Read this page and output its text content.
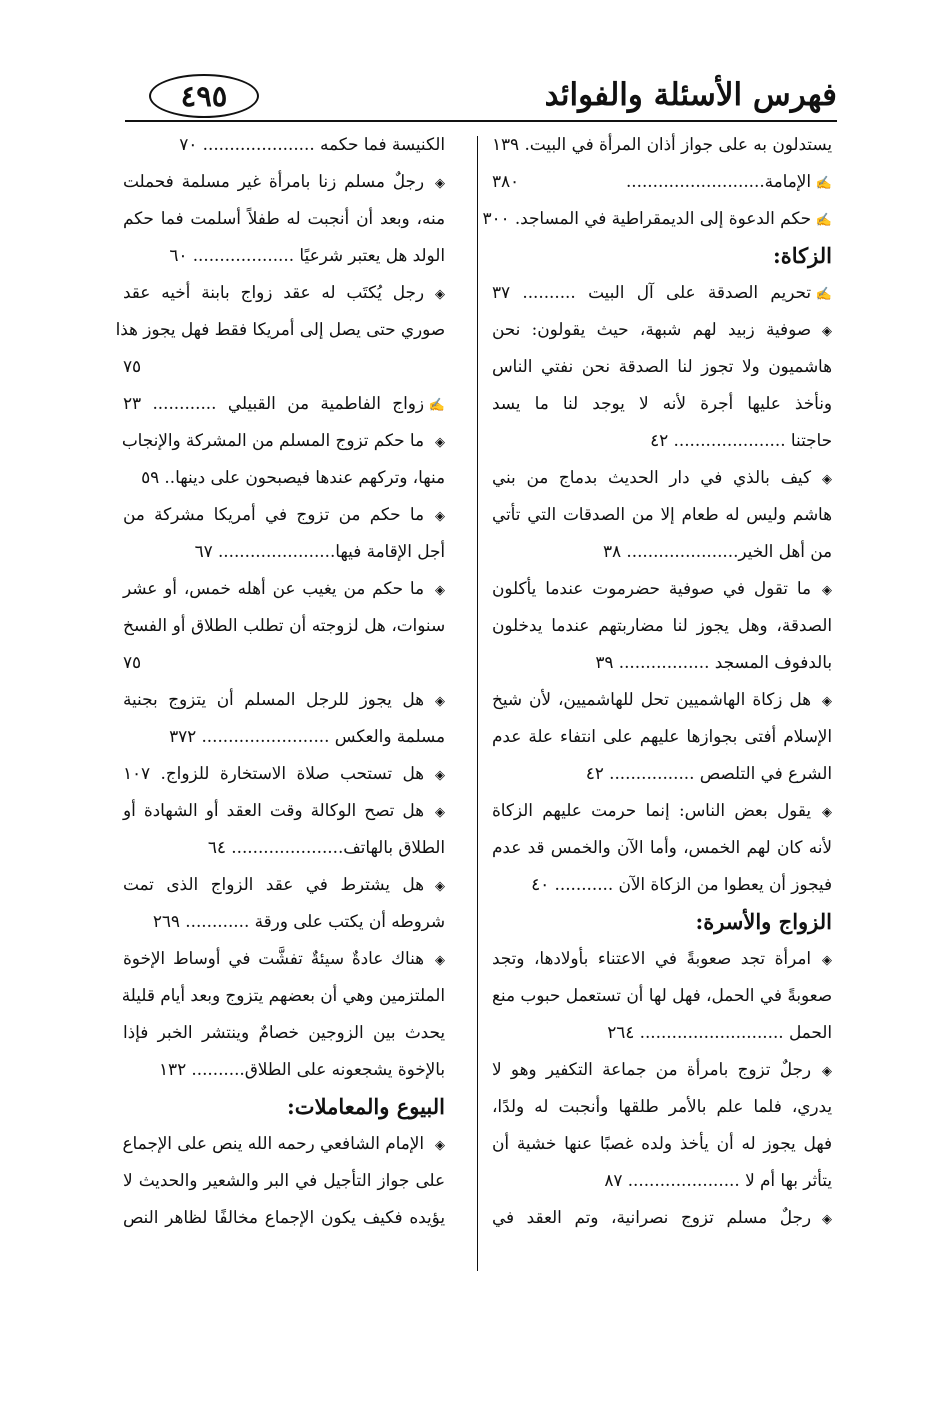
فهرس الأسئلة والفوائد
٤٩٥
يستدلون به على جواز أذان المرأة في البيت. ١٣٩
✍الإمامة.......................... ٣٨٠
✍حكم الدعوة إلى الديمقراطية في المساجد. ٣٠٠
الزكاة:
✍تحريم الصدقة على آل البيت .......... ٣٧
◈صوفية زبيد لهم شبهة، حيث يقولون: نحن
هاشميون ولا تجوز لنا الصدقة نحن نفتي الناس
ونأخذ عليها أجرة لأنه لا يوجد لنا ما يسد
حاجتنا ..................... ٤٢
◈كيف بالذي في دار الحديث بدماج من بني
هاشم وليس له طعام إلا من الصدقات التي تأتي
من أهل الخير..................... ٣٨
◈ما تقول في صوفية حضرموت عندما يأكلون
الصدقة، وهل يجوز لنا مضاربتهم عندما يدخلون
بالدفوف المسجد ................. ٣٩
◈هل زكاة الهاشميين تحل للهاشميين، لأن شيخ
الإسلام أفتى بجوازها عليهم على انتفاء علة عدم
الشرع في التلصص ................ ٤٢
◈يقول بعض الناس: إنما حرمت عليهم الزكاة
لأنه كان لهم الخمس، وأما الآن والخمس قد عدم
فيجوز أن يعطوا من الزكاة الآن ........... ٤٠
الزواج والأسرة:
◈امرأة تجد صعوبةً في الاعتناء بأولادها، وتجد
صعوبةً في الحمل، فهل لها أن تستعمل حبوب منع
الحمل ........................... ٢٦٤
◈رجلٌ تزوج بامرأة من جماعة التكفير وهو لا
يدري، فلما علم بالأمر طلقها وأنجبت له ولدًا،
فهل يجوز له أن يأخذ ولده غصبًا عنها خشية أن
يتأثر بها أم لا ..................... ٨٧
◈رجلٌ مسلم تزوج نصرانية، وتم العقد في
الكنيسة فما حكمه ..................... ٧٠
◈رجلٌ مسلم زنا بامرأة غير مسلمة فحملت
منه، وبعد أن أنجبت له طفلاً أسلمت فما حكم
الولد هل يعتبر شرعيًا ................... ٦٠
◈رجل يُكتَب له عقد زواج بابنة أخيه عقد
صوري حتى يصل إلى أمريكا فقط فهل يجوز هذا
٧٥
✍زواج الفاطمية من القبيلي ............ ٢٣
◈ما حكم تزوج المسلم من المشركة والإنجاب
منها، وتركهم عندها فيصبحون على دينها.. ٥٩
◈ما حكم من تزوج في أمريكا مشركة من
أجل الإقامة فيها...................... ٦٧
◈ما حكم من يغيب عن أهله خمس، أو عشر
سنوات، هل لزوجته أن تطلب الطلاق أو الفسخ
٧٥
◈هل يجوز للرجل المسلم أن يتزوج بجنية
مسلمة والعكس ........................ ٣٧٢
◈هل تستحب صلاة الاستخارة للزواج. ١٠٧
◈هل تصح الوكالة وقت العقد أو الشهادة أو
الطلاق بالهاتف..................... ٦٤
◈هل يشترط في عقد الزواج الذى تمت
شروطه أن يكتب على ورقة ............ ٢٦٩
◈هناك عادةٌ سيئةٌ تفشَّت في أوساط الإخوة
الملتزمين وهي أن بعضهم يتزوج وبعد أيام قليلة
يحدث بين الزوجين خصامٌ وينتشر الخبر فإذا
بالإخوة يشجعونه على الطلاق.......... ١٣٢
البيوع والمعاملات:
◈الإمام الشافعي رحمه الله ينص على الإجماع
على جواز التأجيل في البر والشعير والحديث لا
يؤيده فكيف يكون الإجماع مخالفًا لظاهر النص
